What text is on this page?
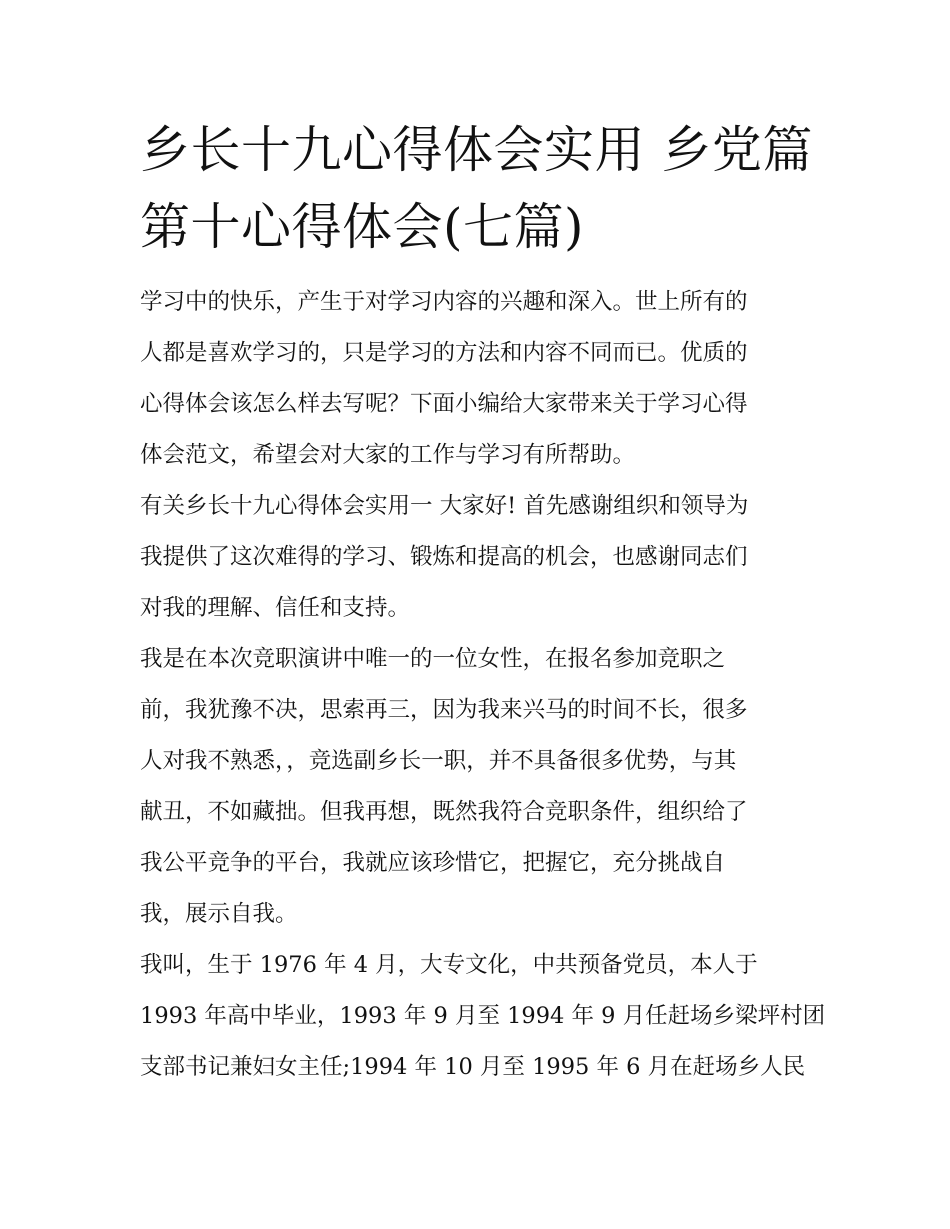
乡长十九心得体会实用 乡党篇
第十心得体会(七篇)
学习中的快乐，产生于对学习内容的兴趣和深入。世上所有的
人都是喜欢学习的，只是学习的方法和内容不同而已。优质的
心得体会该怎么样去写呢？下面小编给大家带来关于学习心得
体会范文，希望会对大家的工作与学习有所帮助。
有关乡长十九心得体会实用一 大家好! 首先感谢组织和领导为
我提供了这次难得的学习、锻炼和提高的机会，也感谢同志们
对我的理解、信任和支持。
我是在本次竞职演讲中唯一的一位女性，在报名参加竞职之
前，我犹豫不决，思索再三，因为我来兴马的时间不长，很多
人对我不熟悉，，竞选副乡长一职，并不具备很多优势，与其
献丑，不如藏拙。但我再想，既然我符合竞职条件，组织给了
我公平竞争的平台，我就应该珍惜它，把握它，充分挑战自
我，展示自我。
我叫，生于 1976 年 4 月，大专文化，中共预备党员，本人于
1993 年高中毕业，1993 年 9 月至 1994 年 9 月任赶场乡梁坪村团
支部书记兼妇女主任;1994 年 10 月至 1995 年 6 月在赶场乡人民
